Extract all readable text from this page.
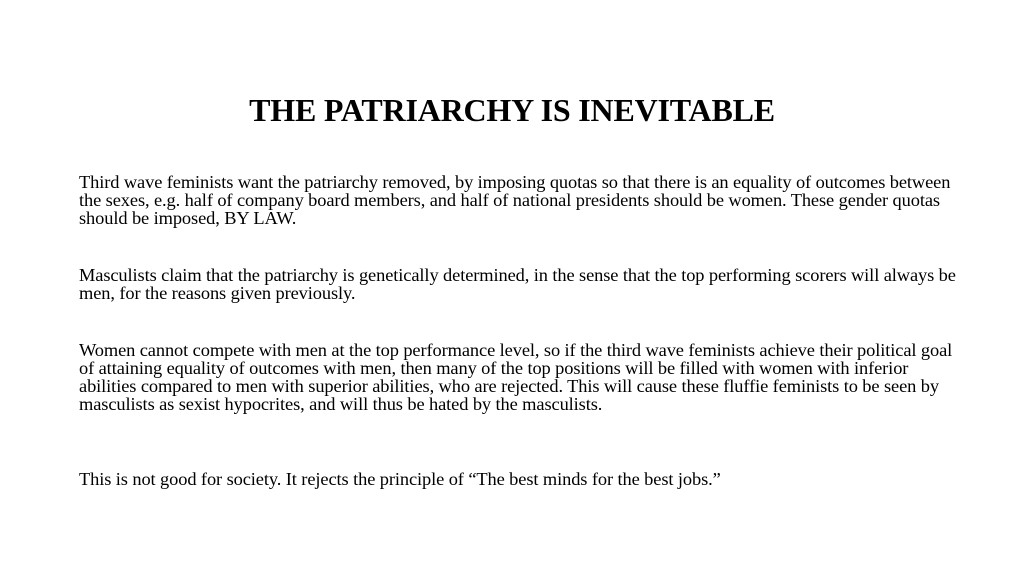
THE PATRIARCHY IS INEVITABLE

Third wave feminists want the patriarchy removed, by imposing quotas so that there is an equality of outcomes between the sexes, e.g. half of company board members, and half of national presidents should be women. These gender quotas should be imposed, BY LAW.

Masculists claim that the patriarchy is genetically determined, in the sense that the top performing scorers will always be men, for the reasons given previously.

Women cannot compete with men at the top performance level, so if the third wave feminists achieve their political goal of attaining equality of outcomes with men, then many of the top positions will be filled with women with inferior abilities compared to men with superior abilities, who are rejected. This will cause these fluffie feminists to be seen by masculists as sexist hypocrites, and will thus be hated by the masculists.

This is not good for society. It rejects the principle of “The best minds for the best jobs.”
